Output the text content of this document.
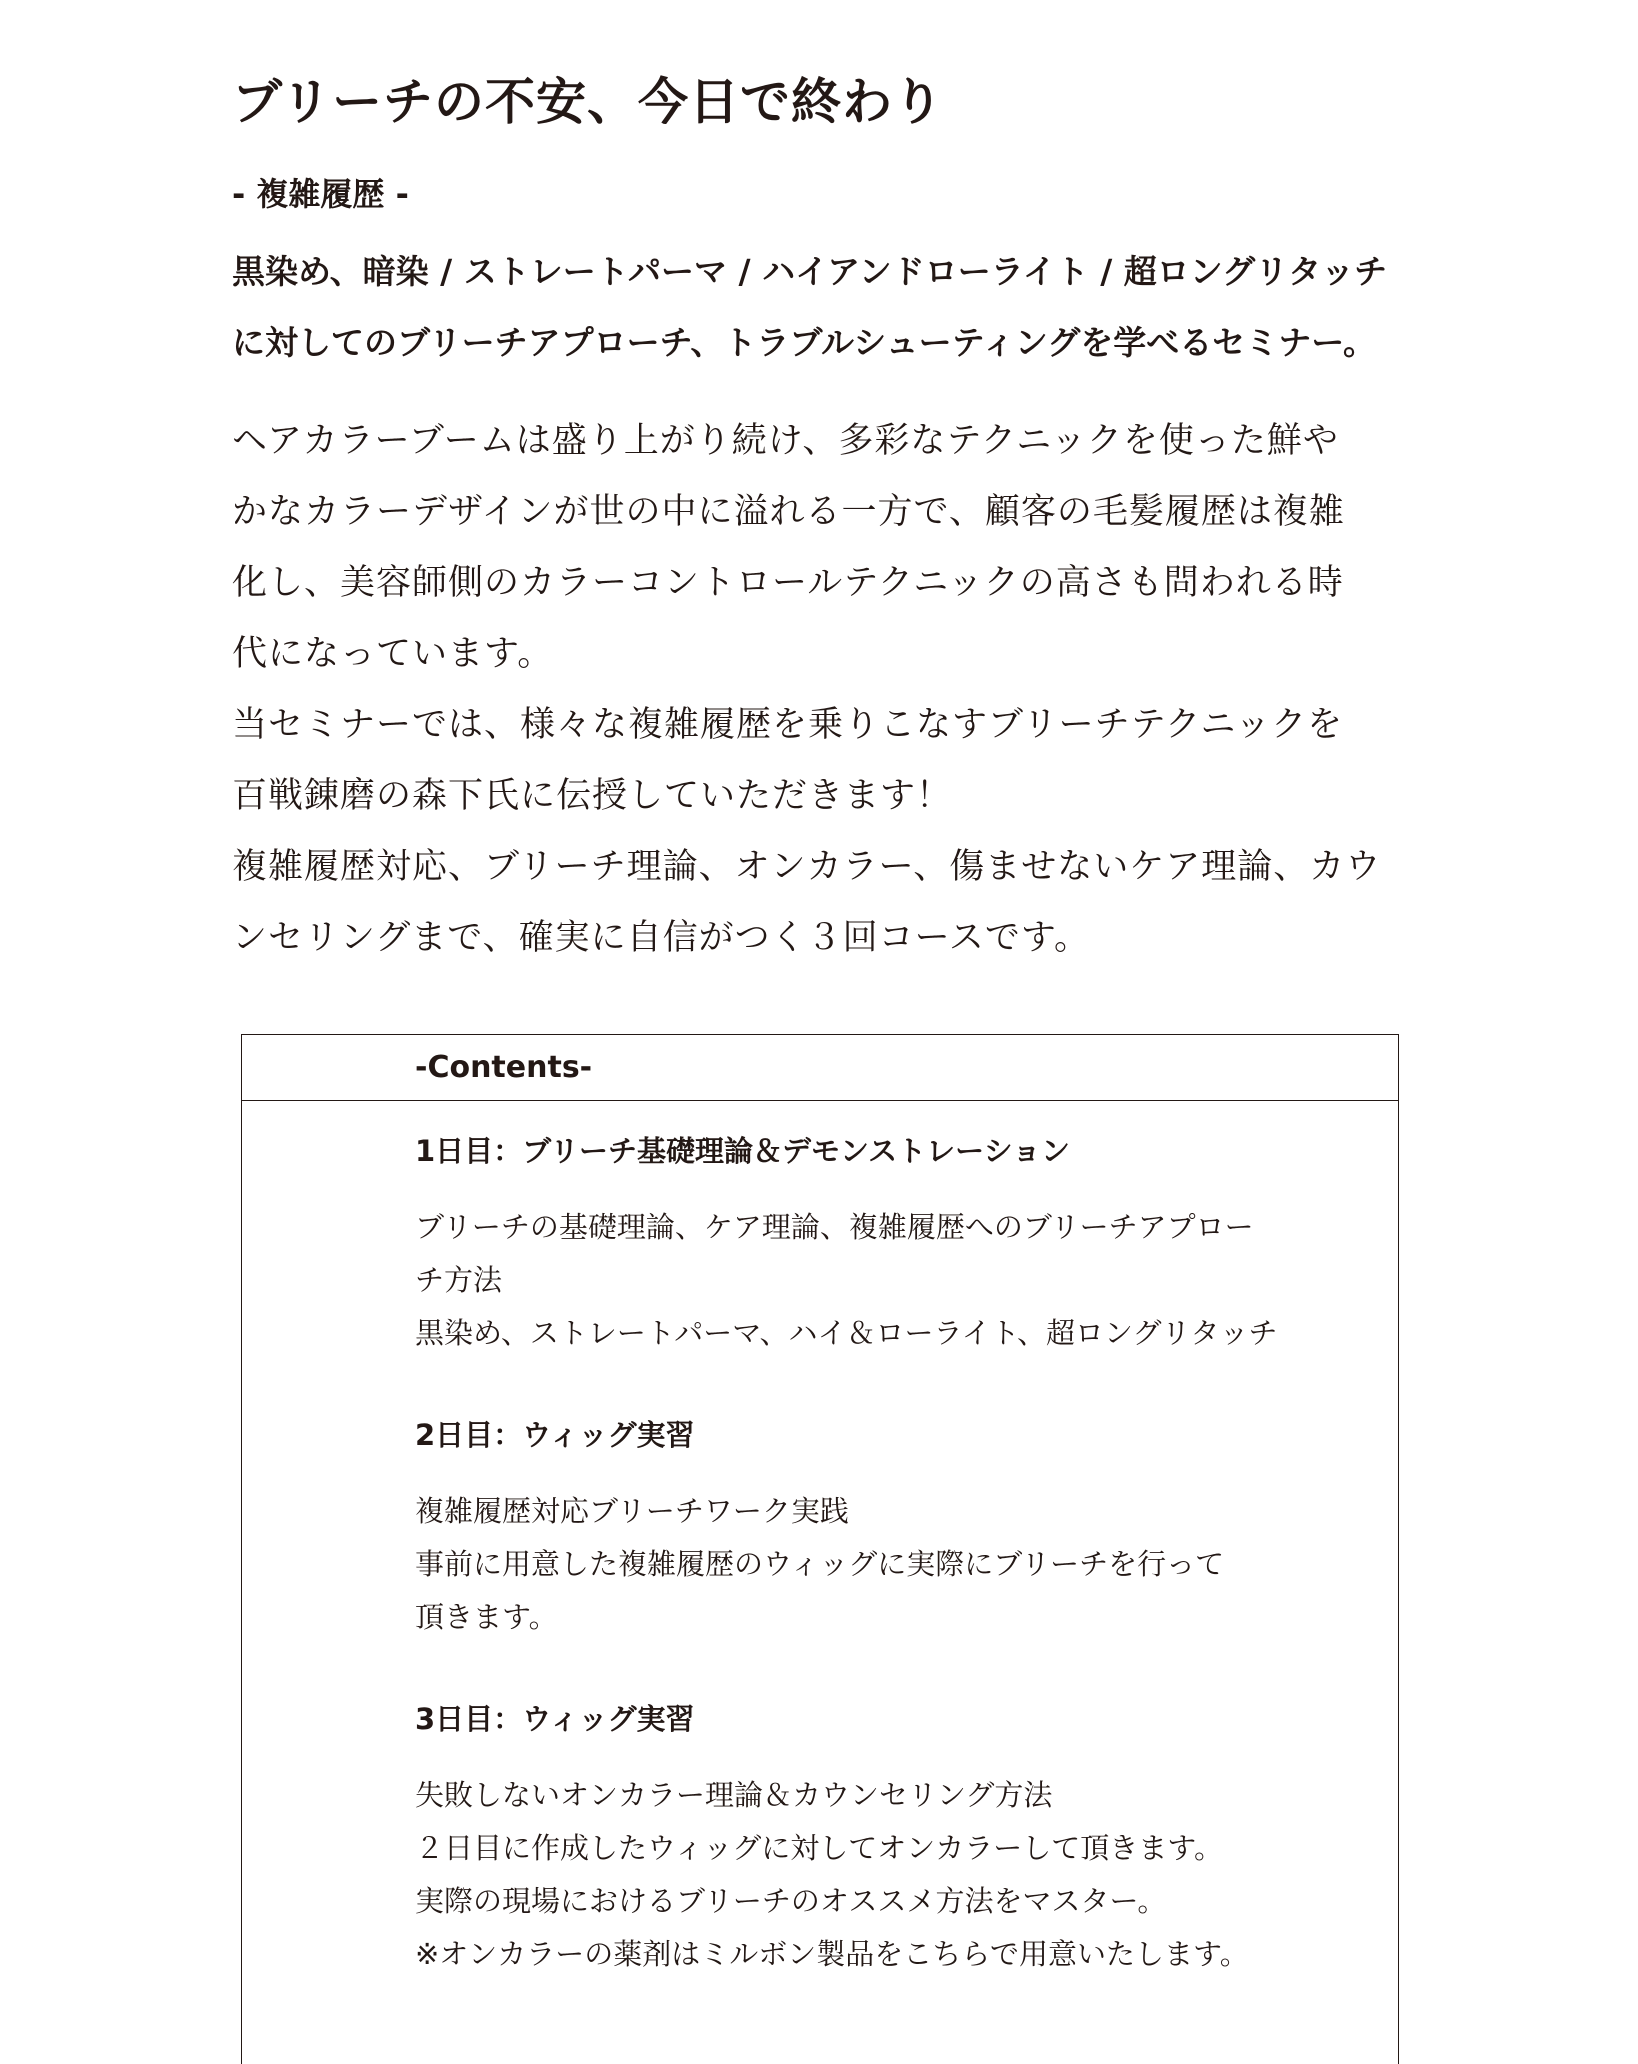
ブリーチの不安、今日で終わり
- 複雑履歴 -
黒染め、暗染 / ストレートパーマ / ハイアンドローライト / 超ロングリタッチ
に対してのブリーチアプローチ、トラブルシューティングを学べるセミナー。
ヘアカラーブームは盛り上がり続け、多彩なテクニックを使った鮮や
かなカラーデザインが世の中に溢れる一方で、顧客の毛髪履歴は複雑
化し、美容師側のカラーコントロールテクニックの高さも問われる時
代になっています。
当セミナーでは、様々な複雑履歴を乗りこなすブリーチテクニックを
百戦錬磨の森下氏に伝授していただきます！
複雑履歴対応、ブリーチ理論、オンカラー、傷ませないケア理論、カウ
ンセリングまで、確実に自信がつく３回コースです。
-Contents-
1日目：ブリーチ基礎理論＆デモンストレーション
ブリーチの基礎理論、ケア理論、複雑履歴へのブリーチアプロー
チ方法
黒染め、ストレートパーマ、ハイ＆ローライト、超ロングリタッチ
2日目：ウィッグ実習
複雑履歴対応ブリーチワーク実践
事前に用意した複雑履歴のウィッグに実際にブリーチを行って
頂きます。
3日目：ウィッグ実習
失敗しないオンカラー理論＆カウンセリング方法
２日目に作成したウィッグに対してオンカラーして頂きます。
実際の現場におけるブリーチのオススメ方法をマスター。
※オンカラーの薬剤はミルボン製品をこちらで用意いたします。
